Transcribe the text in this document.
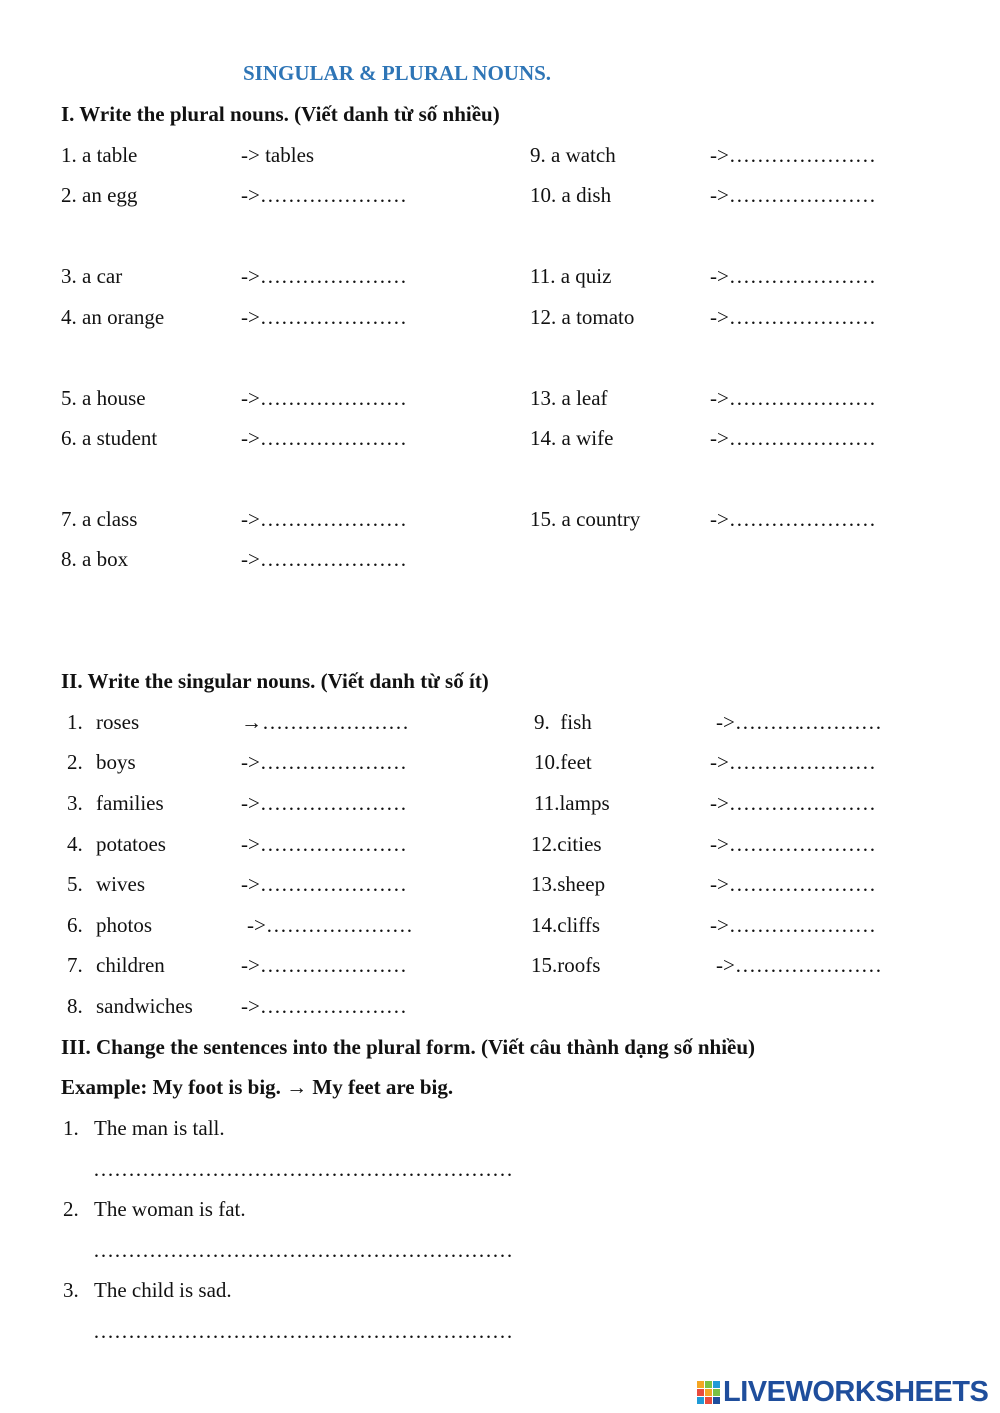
SINGULAR & PLURAL NOUNS.
I. Write the plural nouns. (Viết danh từ số nhiều)
1. a table	-> tables
2. an egg	->…………………
3. a car	->…………………
4. an orange	->…………………
5. a house	->…………………
6. a student	->…………………
7. a class	->…………………
8. a box	->…………………
9. a watch	->…………………
10. a dish	->…………………
11. a quiz	->…………………
12. a tomato	->…………………
13. a leaf	->…………………
14. a wife	->…………………
15. a country	->…………………
II. Write the singular nouns. (Viết danh từ số ít)
1. roses	→…………………
2. boys	->…………………
3. families	->…………………
4. potatoes	->…………………
5. wives	->…………………
6. photos	->…………………
7. children	->…………………
8. sandwiches ->…………………
9.  fish	->…………………
10.feet	->…………………
11.lamps	->…………………
12.cities	->…………………
13.sheep	->…………………
14.cliffs	->…………………
15.roofs	->…………………
III. Change the sentences into the plural form. (Viết câu thành dạng số nhiều)
Example: My foot is big. → My feet are big.
1. The man is tall.
……………………………………………………
2. The woman is fat.
……………………………………………………
3. The child is sad.
……………………………………………………
LIVEWORKSHEETS
